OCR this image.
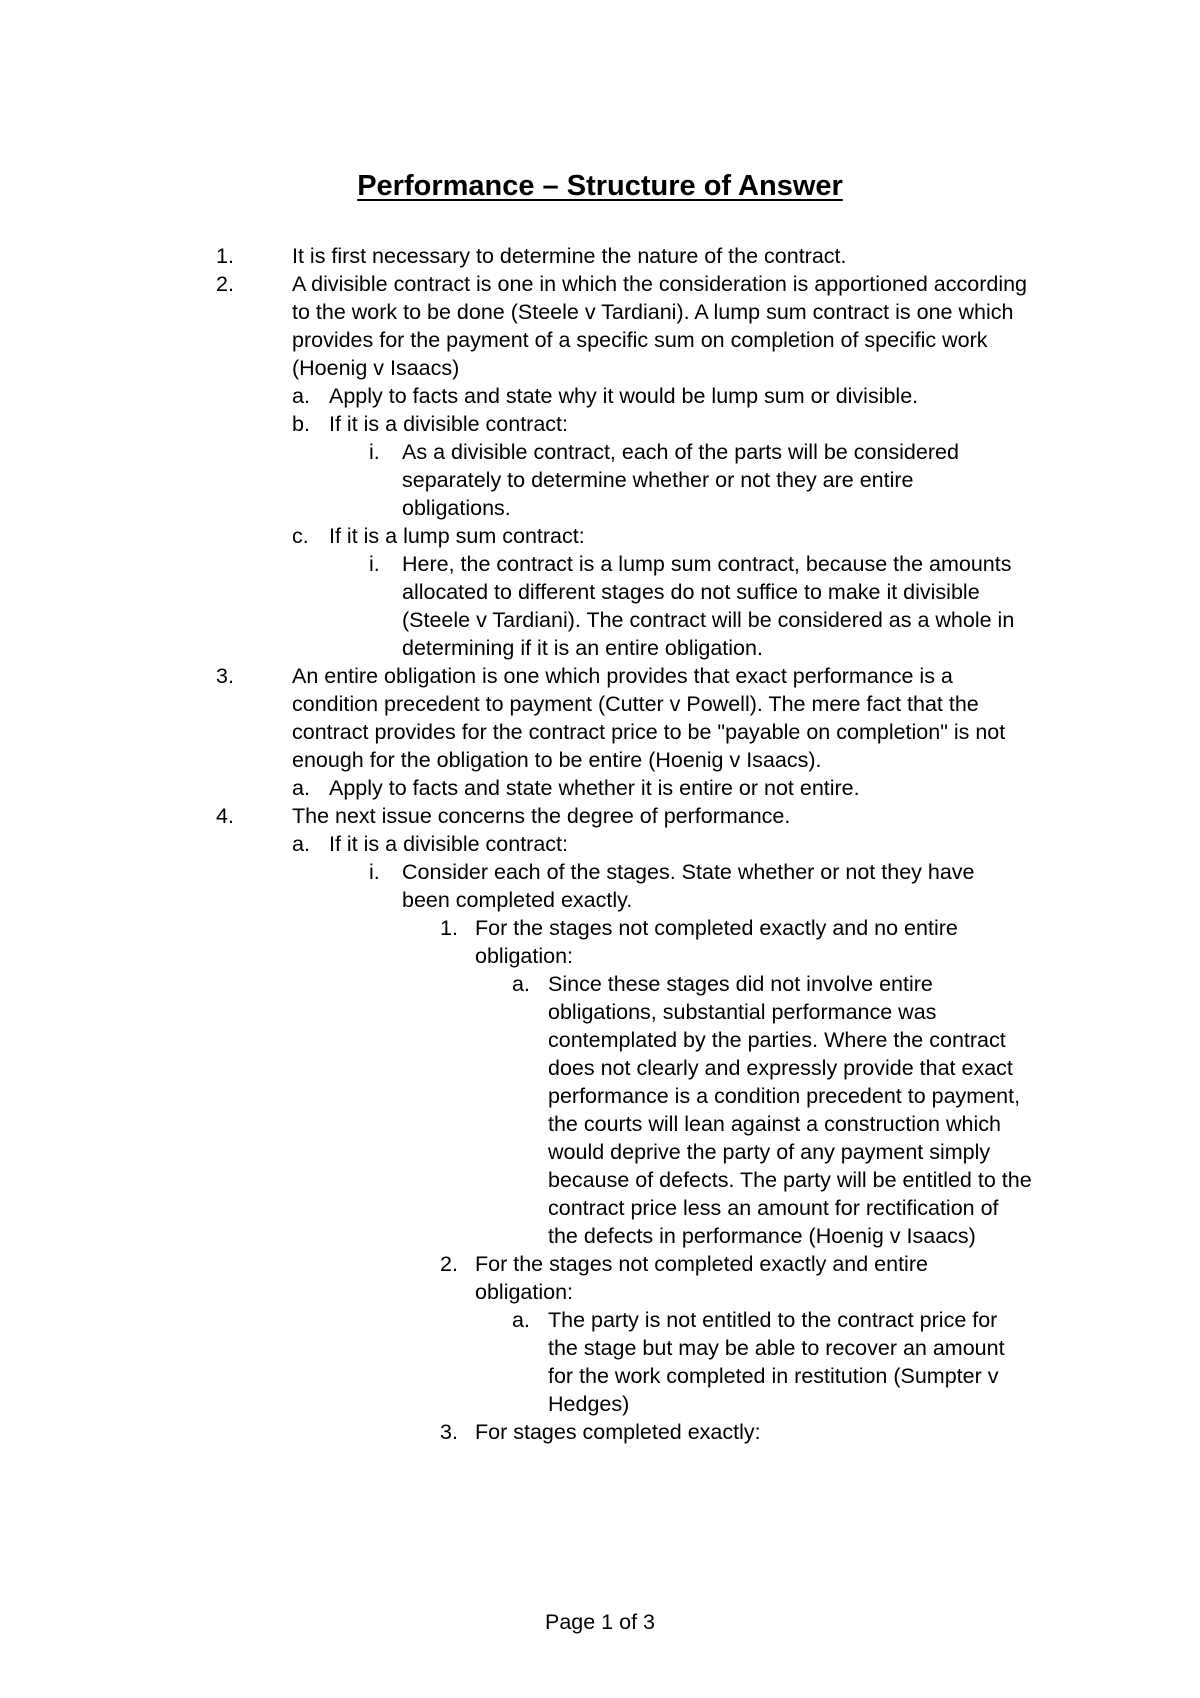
Performance – Structure of Answer
1.	It is first necessary to determine the nature of the contract.
2.	A divisible contract is one in which the consideration is apportioned according to the work to be done (Steele v Tardiani). A lump sum contract is one which provides for the payment of a specific sum on completion of specific work (Hoenig v Isaacs)
a. Apply to facts and state why it would be lump sum or divisible.
b. If it is a divisible contract:
i. As a divisible contract, each of the parts will be considered separately to determine whether or not they are entire obligations.
c. If it is a lump sum contract:
i. Here, the contract is a lump sum contract, because the amounts allocated to different stages do not suffice to make it divisible (Steele v Tardiani). The contract will be considered as a whole in determining if it is an entire obligation.
3.	An entire obligation is one which provides that exact performance is a condition precedent to payment (Cutter v Powell). The mere fact that the contract provides for the contract price to be "payable on completion" is not enough for the obligation to be entire (Hoenig v Isaacs).
a. Apply to facts and state whether it is entire or not entire.
4.	The next issue concerns the degree of performance.
a. If it is a divisible contract:
i. Consider each of the stages. State whether or not they have been completed exactly.
1. For the stages not completed exactly and no entire obligation:
a. Since these stages did not involve entire obligations, substantial performance was contemplated by the parties. Where the contract does not clearly and expressly provide that exact performance is a condition precedent to payment, the courts will lean against a construction which would deprive the party of any payment simply because of defects. The party will be entitled to the contract price less an amount for rectification of the defects in performance (Hoenig v Isaacs)
2. For the stages not completed exactly and entire obligation:
a. The party is not entitled to the contract price for the stage but may be able to recover an amount for the work completed in restitution (Sumpter v Hedges)
3. For stages completed exactly:
Page 1 of 3
